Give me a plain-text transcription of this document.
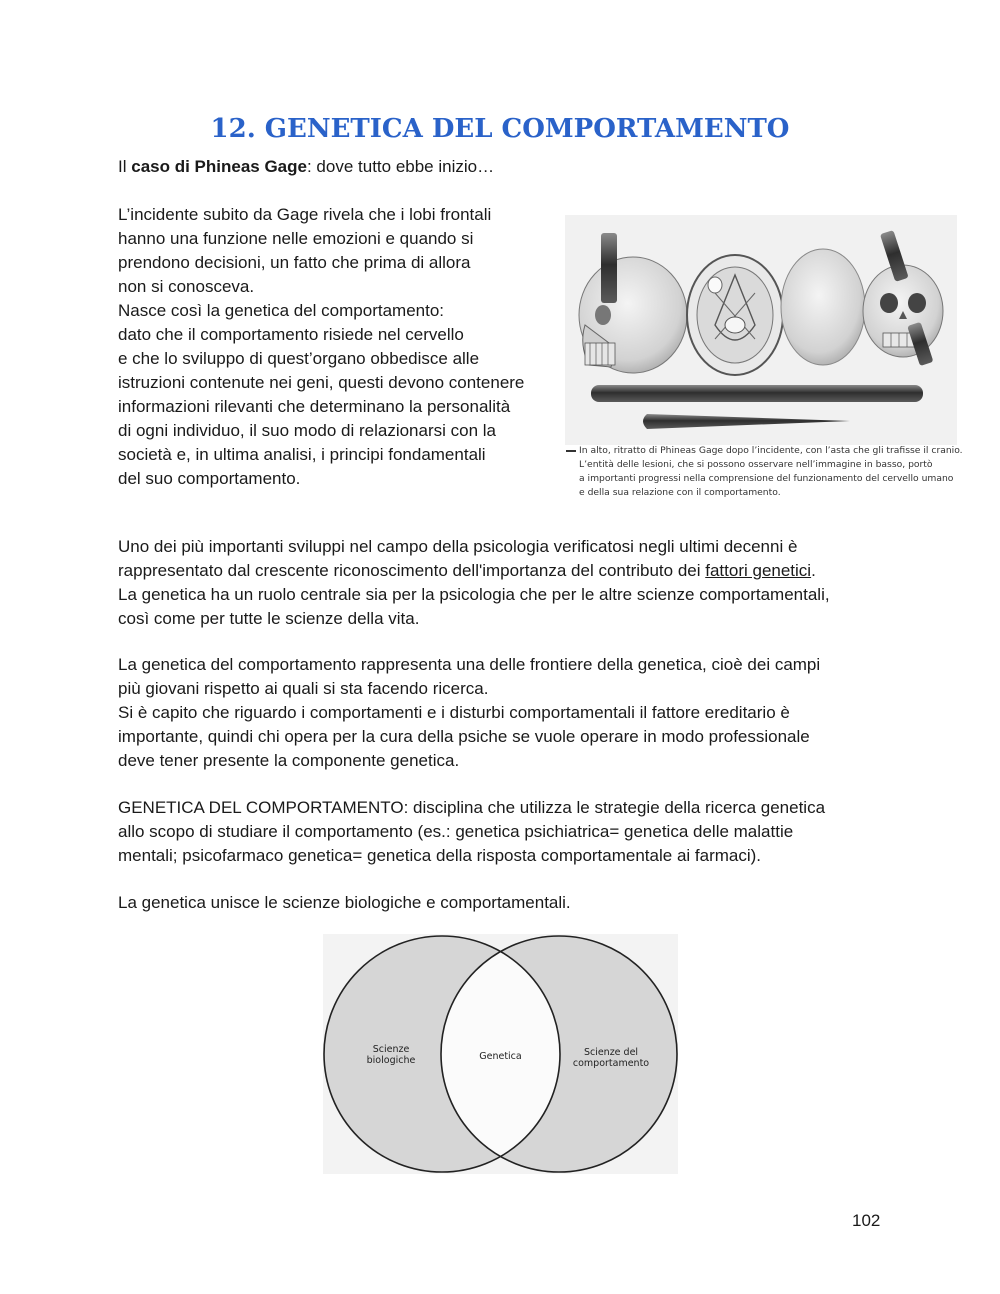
12. GENETICA DEL COMPORTAMENTO
Il caso di Phineas Gage: dove tutto ebbe inizio…
L’incidente subito da Gage rivela che i lobi frontali
hanno una funzione nelle emozioni e quando si
prendono decisioni, un fatto che prima di allora
non si conosceva.
Nasce così la genetica del comportamento:
dato che il comportamento risiede nel cervello
e che lo sviluppo di quest’organo obbedisce alle
istruzioni contenute nei geni, questi devono contenere
informazioni rilevanti che determinano la personalità
di ogni individuo, il suo modo di relazionarsi con la
società e, in ultima analisi, i principi fondamentali
del suo comportamento.
In alto, ritratto di Phineas Gage dopo l’incidente, con l’asta che gli trafisse il cranio.
L’entità delle lesioni, che si possono osservare nell’immagine in basso, portò
a importanti progressi nella comprensione del funzionamento del cervello umano
e della sua relazione con il comportamento.
Uno dei più importanti sviluppi nel campo della psicologia verificatosi negli ultimi decenni è
rappresentato dal crescente riconoscimento dell'importanza del contributo dei fattori genetici.
La genetica ha un ruolo centrale sia per la psicologia che per le altre scienze comportamentali,
così come per tutte le scienze della vita.
La genetica del comportamento rappresenta una delle frontiere della genetica, cioè dei campi
più giovani rispetto ai quali si sta facendo ricerca.
Si è capito che riguardo i comportamenti e i disturbi comportamentali il fattore ereditario è
importante, quindi chi opera per la cura della psiche se vuole operare in modo professionale
deve tener presente la componente genetica.
GENETICA DEL COMPORTAMENTO: disciplina che utilizza le strategie della ricerca genetica
allo scopo di studiare il comportamento (es.: genetica psichiatrica= genetica delle malattie
mentali; psicofarmaco genetica= genetica della risposta comportamentale ai farmaci).
La genetica unisce le scienze biologiche e comportamentali.
Scienze
biologiche	Genetica	Scienze del
comportamento
102
